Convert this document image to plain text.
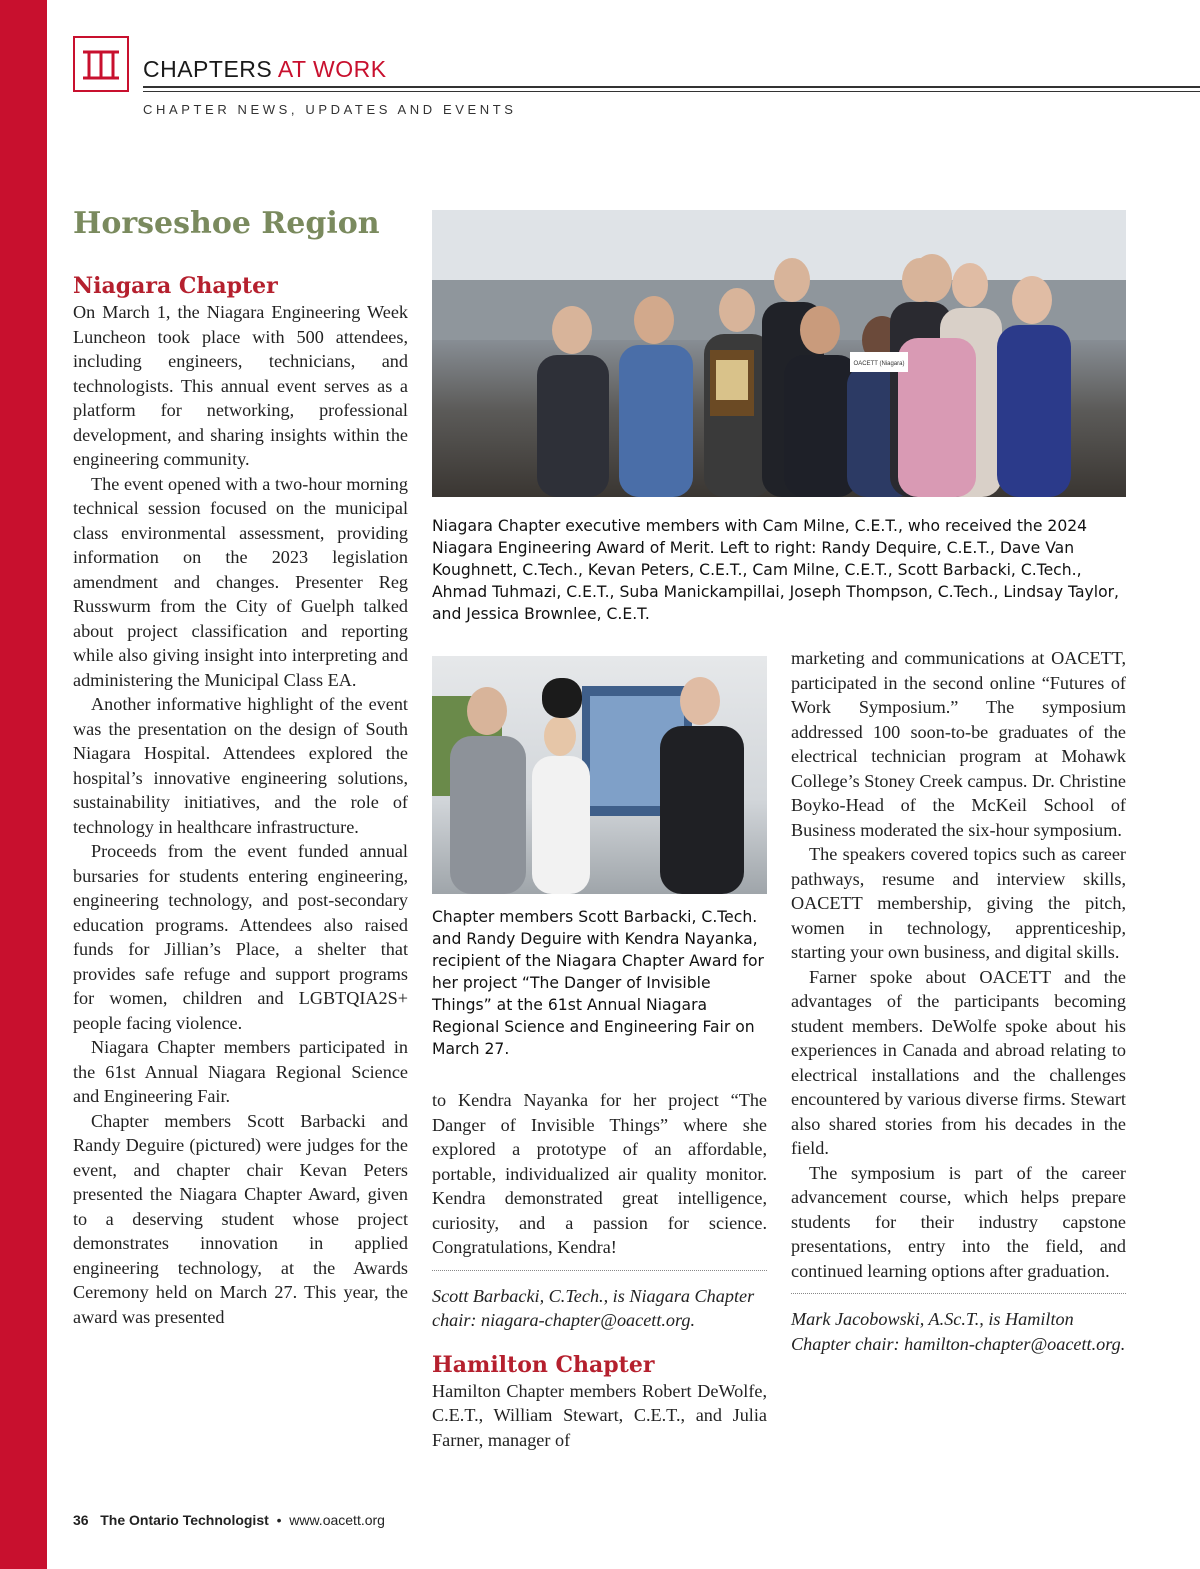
CHAPTERS AT WORK
CHAPTER NEWS, UPDATES AND EVENTS
Horseshoe Region
Niagara Chapter

On March 1, the Niagara Engineering Week Luncheon took place with 500 attendees, including engineers, technicians, and technologists. This annual event serves as a platform for networking, professional development, and sharing insights within the engineering community.

The event opened with a two-hour morning technical session focused on the municipal class environmental assessment, providing information on the 2023 legislation amendment and changes. Presenter Reg Russwurm from the City of Guelph talked about project classification and reporting while also giving insight into interpreting and administering the Municipal Class EA.

Another informative highlight of the event was the presentation on the design of South Niagara Hospital. Attendees explored the hospital’s innovative engineering solutions, sustainability initiatives, and the role of technology in healthcare infrastructure.

Proceeds from the event funded annual bursaries for students entering engineering, engineering technology, and post-secondary education programs. Attendees also raised funds for Jillian’s Place, a shelter that provides safe refuge and support programs for women, children and LGBTQIA2S+ people facing violence.

Niagara Chapter members participated in the 61st Annual Niagara Regional Science and Engineering Fair.

Chapter members Scott Barbacki and Randy Deguire (pictured) were judges for the event, and chapter chair Kevan Peters presented the Niagara Chapter Award, given to a deserving student whose project demonstrates innovation in applied engineering technology, at the Awards Ceremony held on March 27. This year, the award was presented

OACETT (Niagara)
Niagara Chapter executive members with Cam Milne, C.E.T., who received the 2024 Niagara Engineering Award of Merit. Left to right: Randy Dequire, C.E.T., Dave Van Koughnett, C.Tech., Kevan Peters, C.E.T., Cam Milne, C.E.T., Scott Barbacki, C.Tech., Ahmad Tuhmazi, C.E.T., Suba Manickampillai, Joseph Thompson, C.Tech., Lindsay Taylor, and Jessica Brownlee, C.E.T.
Chapter members Scott Barbacki, C.Tech. and Randy Deguire with Kendra Nayanka, recipient of the Niagara Chapter Award for her project “The Danger of Invisible Things” at the 61st Annual Niagara Regional Science and Engineering Fair on March 27.

to Kendra Nayanka for her project “The Danger of Invisible Things” where she explored a prototype of an affordable, portable, individualized air quality monitor. Kendra demonstrated great intelligence, curiosity, and a passion for science. Congratulations, Kendra!

Scott Barbacki, C.Tech., is Niagara Chapter chair: niagara-chapter@oacett.org.

Hamilton Chapter

Hamilton Chapter members Robert DeWolfe, C.E.T., William Stewart, C.E.T., and Julia Farner, manager of

marketing and communications at OACETT, participated in the second online “Futures of Work Symposium.” The symposium addressed 100 soon-to-be graduates of the electrical technician program at Mohawk College’s Stoney Creek campus. Dr. Christine Boyko-Head of the McKeil School of Business moderated the six-hour symposium.

The speakers covered topics such as career pathways, resume and interview skills, OACETT membership, giving the pitch, women in technology, apprenticeship, starting your own business, and digital skills.

Farner spoke about OACETT and the advantages of the participants becoming student members. DeWolfe spoke about his experiences in Canada and abroad relating to electrical installations and the challenges encountered by various diverse firms. Stewart also shared stories from his decades in the field.

The symposium is part of the career advancement course, which helps prepare students for their industry capstone presentations, entry into the field, and continued learning options after graduation.

Mark Jacobowski, A.Sc.T., is Hamilton Chapter chair: hamilton-chapter@oacett.org.

36 The Ontario Technologist • www.oacett.org
